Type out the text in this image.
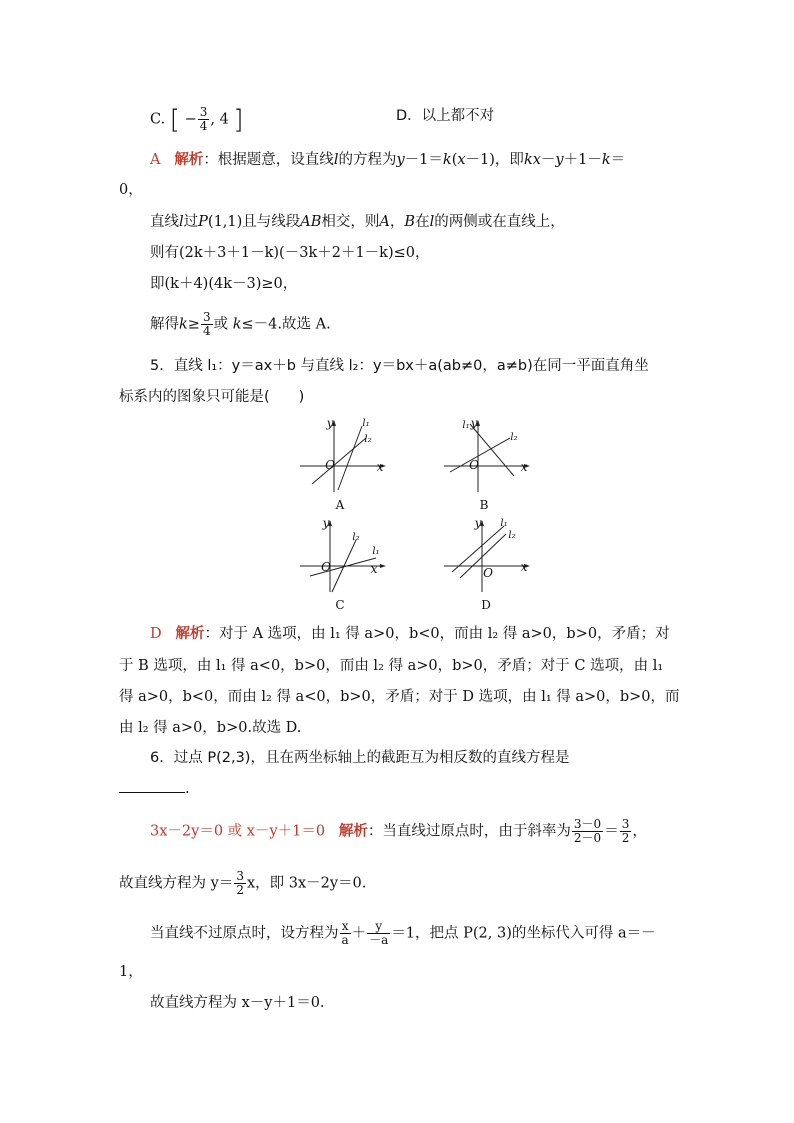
C. [ − $\frac{3}{4}$ , 4 ]	D．以上都不对
A 解析：根据题意，设直线l的方程为y－1＝k(x－1)，即kx－y＋1－k＝
0，
直线l过P(1,1)且与线段AB相交，则A，B在l的两侧或在直线上，
则有(2k＋3＋1－k)(－3k＋2＋1－k)≤0，
即(k＋4)(4k－3)≥0，
解得$k\ge \frac{3}{4}$ 或 k≤－4.故选 A.
5．直线 l₁：y＝ax＋b 与直线 l₂：y＝bx＋a(ab≠0，a≠b)在同一平面直角坐
标系内的图象只可能是(　　)
y
x
O
l₁
l₂
A
y
x
O
l₁
l₂
B
y
x
O
l₁
l₂
C
y
x
O
l₁
l₂
D
D 解析：对于 A 选项，由 l₁ 得 a>0，b<0，而由 l₂ 得 a>0，b>0，矛盾；对
于 B 选项，由 l₁ 得 a<0，b>0，而由 l₂ 得 a>0，b>0，矛盾；对于 C 选项，由 l₁
得 a>0，b<0，而由 l₂ 得 a<0，b>0，矛盾；对于 D 选项，由 l₁ 得 a>0，b>0，而
由 l₂ 得 a>0，b>0.故选 D.
6．过点 P(2,3)，且在两坐标轴上的截距互为相反数的直线方程是
.
3x－2y＝0 或 x－y＋1＝0 解析：当直线过原点时，由于斜率为 $\frac{3-0}{2-0} = \frac{3}{2}$ ，
故直线方程为 $y= \frac{3}{2}$ x，即 3x－2y＝0.
当直线不过原点时，设方程为 $\frac{x}{a} + \frac{y}{-a} =1$，把点 P(2, 3)的坐标代入可得 a＝－
1，
故直线方程为 x－y＋1＝0.
